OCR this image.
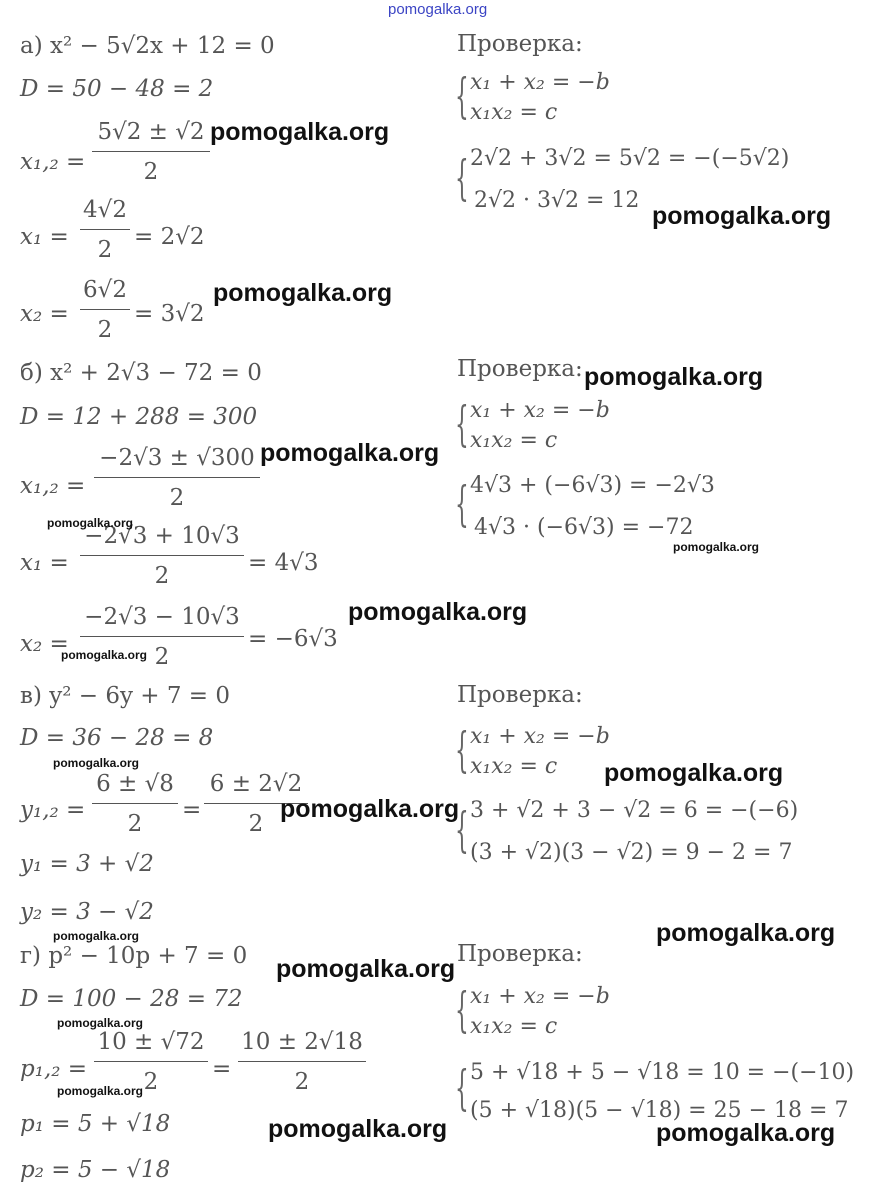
pomogalka.org
а) x² − 5√2x + 12 = 0
D = 50 − 48 = 2
x₁,₂ =
5√2 ± √2
2
x₁ =
4√2
2 = 2√2
x₂ =
6√2
2
= 3√2
Проверка:
{ x₁ + x₂ = −b
x₁x₂ = c
{ 2√2 + 3√2 = 5√2 = −(−5√2)
2√2 · 3√2 = 12
б) x² + 2√3 − 72 = 0
D = 12 + 288 = 300
x₁,₂ =
−2√3 ± √300
2
x₁ =
−2√3 + 10√3
2	= 4√3
x₂ =
−2√3 − 10√3
2
= −6√3
Проверка:
{ x₁ + x₂ = −b
x₁x₂ = c
{ 4√3 + (−6√3) = −2√3
4√3 · (−6√3) = −72
в) y² − 6y + 7 = 0
D = 36 − 28 = 8
y₁,₂ =
6 ± √8
2
=
6 ± 2√2
2
y₁ = 3 + √2
y₂ = 3 − √2
Проверка:
{ x₁ + x₂ = −b
x₁x₂ = c
{ 3 + √2 + 3 − √2 = 6 = −(−6)
(3 + √2)(3 − √2) = 9 − 2 = 7
г) p² − 10p + 7 = 0
D = 100 − 28 = 72
p₁,₂ =
10 ± √72
2	=
10 ± 2√18
2
p₁ = 5 + √18
p₂ = 5 − √18
Проверка:
{ x₁ + x₂ = −b
x₁x₂ = c
{ 5 + √18 + 5 − √18 = 10 = −(−10)
(5 + √18)(5 − √18) = 25 − 18 = 7
pomogalka.org
pomogalka.org
pomogalka.org
pomogalka.org
pomogalka.org
pomogalka.org
pomogalka.org
pomogalka.org
pomogalka.org
pomogalka.org	pomogalka.org
pomogalka.org
pomogalka.org
pomogalka.org
pomogalka.org
pomogalka.org
pomogalka.org
pomogalka.org	pomogalka.org
